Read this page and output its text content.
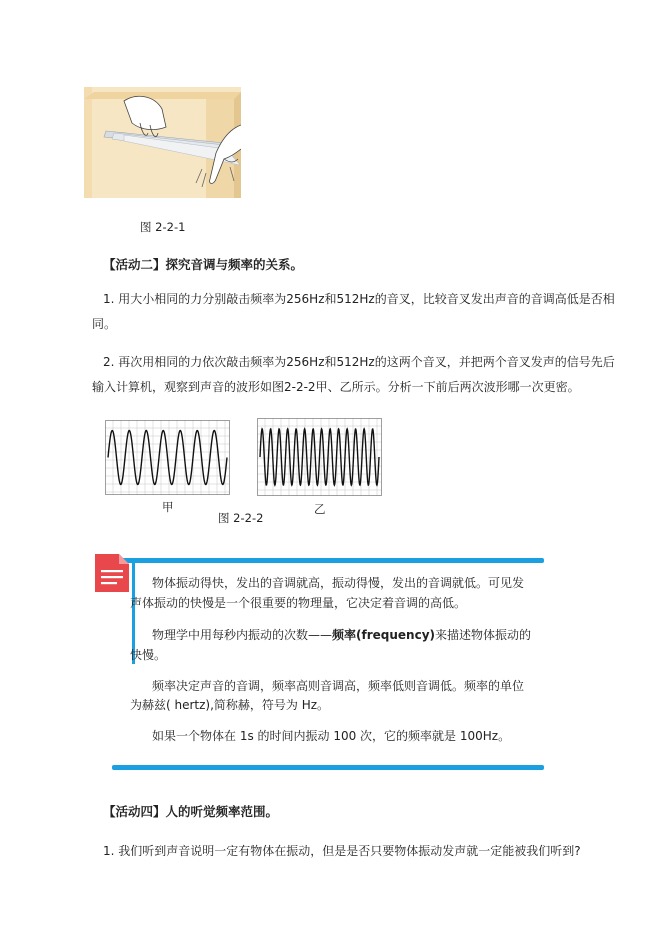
图 2-2-1
【活动二】探究音调与频率的关系。
1. 用大小相同的力分别敲击频率为256Hz和512Hz的音叉，比较音叉发出声音的音调高低是否相
同。
2. 再次用相同的力依次敲击频率为256Hz和512Hz的这两个音叉，并把两个音叉发声的信号先后
输入计算机，观察到声音的波形如图2-2-2甲、乙所示。分析一下前后两次波形哪一次更密。
甲	乙
图 2-2-2
物体振动得快，发出的音调就高，振动得慢，发出的音调就低。可见发
声体振动的快慢是一个很重要的物理量，它决定着音调的高低。
物理学中用每秒内振动的次数——频率(frequency)来描述物体振动的
快慢。
频率决定声音的音调，频率高则音调高，频率低则音调低。频率的单位
为赫兹( hertz),简称赫，符号为 Hz。
如果一个物体在 1s 的时间内振动 100 次，它的频率就是 100Hz。
【活动四】人的听觉频率范围。
1. 我们听到声音说明一定有物体在振动，但是是否只要物体振动发声就一定能被我们听到?
